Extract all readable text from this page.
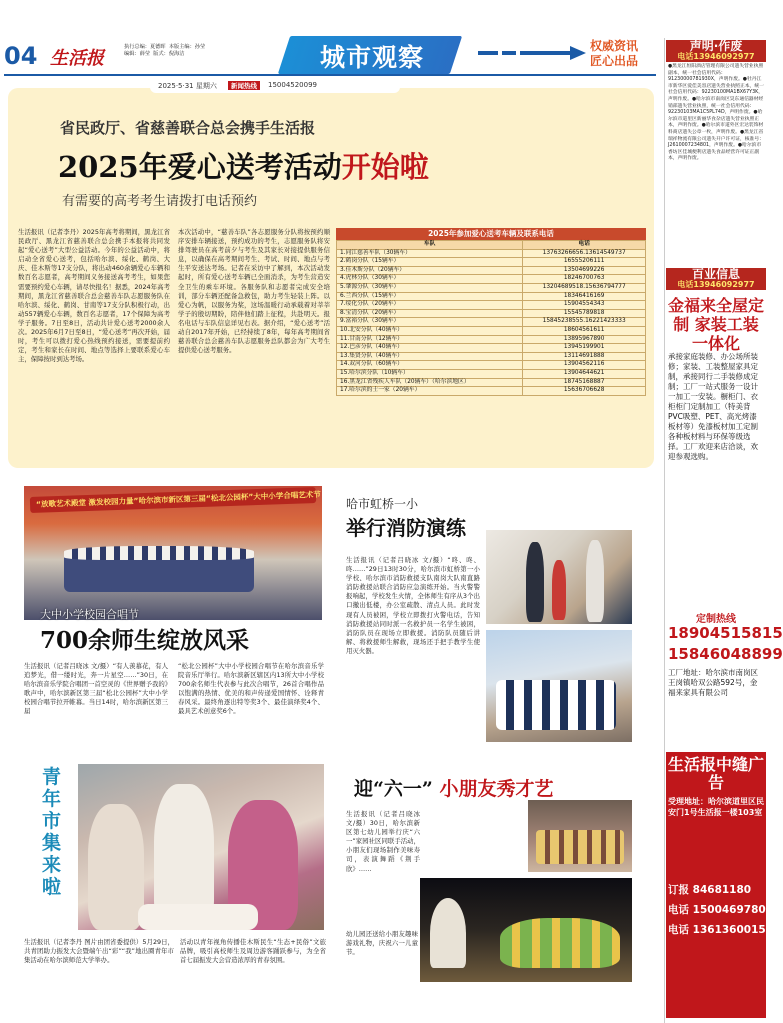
04 生活报
执行总编：夏德晖 本版主编：孙莹
编辑：薛莹 版式：倪海洁	城市观察	权威资讯
匠心出品
2025·5·31 星期六	新闻热线	15004520099
省民政厅、省慈善联合总会携手生活报
2025年爱心送考活动开始啦
有需要的高考考生请拨打电话预约
生活报讯（记者李丹）2025年高考将期间，黑龙江省民政厅、黑龙江省慈善联合总会携手本报将共同发起“爱心送考”大型公益活动。今年的公益活动中，将启动全省爱心送考，包括哈尔滨、绥化、鹤岗、大庆、佳木斯等17支分队，将出动460余辆爱心车辆和数百名志愿者，高考期间义务接送高考考生，如果您需要预约爱心车辆，请尽快报名！据悉，2024年高考期间，黑龙江省慈善联合总会慈善车队志愿服务队在哈尔滨、绥化、鹤岗、甘南等17支分队积极行动，出动557辆爱心车辆，数百名志愿者，17个保障为高考学子服务。7日至8日，活动共计爱心送考2000余人次。2025年6月7日至8日，“爱心送考”再次开始，届时，考生可以拨打爱心热线预约接送，需要提前约定，考生和家长在时间、地点等选择上要联系爱心车主，保障按时到达考场。
本次活动中，“慈善车队”各志愿服务分队将按预约顺序安排车辆接送，预约成功的考生，志愿服务队将安排驾驶员在高考前夕与考生及其家长对接提供服务信息，以确保在高考期间考生、考试、时间、地点与考生平安送达考场。记者在采访中了解到，本次活动发起时，所有爱心送考车辆已全面消杀，为考生营造安全卫生的乘车环境。各服务队和志愿者完成安全培训，部分车辆还配备急救包，助力考生轻装上阵。以爱心为帆，以服务为桨，这场温暖行动承载着对莘莘学子的殷切期盼，陪伴他们踏上征程，共赴明天。报名电话与车队信息详见右表。据介绍，“爱心送考”活动自2017年开始，已经持续了8年，每年高考期间省慈善联合总会慈善车队志愿服务总队都会为广大考生提供爱心送考服务。
2025年参加爱心送考车辆及联系电话
车队	电话
1.同江慈善车队（30辆车）	13763266656.13614549737
2.鹤岗分队（15辆车）	16555206111
3.佳木斯分队（20辆车）	13504699226
4.虎林分队（30辆车）	18246700763
5.肇源分队（30辆车）	13204689518.15636794777
6.兰西分队（15辆车）	18346416169
7.绥化分队（20辆车）	15904554343
8.宝清分队（20辆车）	15545789818
9.富裕分队（30辆车）	15845238555.16221423333
10.北安分队（40辆车）	18604561611
11.甘南分队（12辆车）	13895967890
12.巴彦分队（40辆车）	13945199901
13.集贤分队（40辆车）	13114691888
14.双河分队（60辆车）	13904562116
15.哈尔滨分队（10辆车）	13904644621
16.黑龙江省残疾人车队（20辆车）（哈尔滨地区）	18745168887
17.哈尔滨的士一家（20辆车）	15636706628
“放歌艺术殿堂 激发校园力量”哈尔滨市新区第三届“松北公园杯”大中小学合唱艺术节
大中小学校园合唱节
700余师生绽放风采
生活报讯（记者吕晓冰 文/摄）“有人羡慕花，有人追梦光，借一缕时光，奔一片星空……”30日，在哈尔滨音乐学院合唱团一首空灵的《世界赠予我的》歌声中，哈尔滨新区第三届“松北公园杯”大中小学校园合唱节拉开帷幕。当日14时，哈尔滨新区第三届
“松北公园杯”大中小学校园合唱节在哈尔滨音乐学院音乐厅举行。哈尔滨新区辖区内13所大中小学校700余名师生代表参与此次合唱节，26首合唱作品以饱满的热情、优美的和声传递爱国情怀、诠释青春风采。最终角逐出特等奖3个、最佳演绎奖4个、最具艺术创意奖6个。
青年市集来啦
生活报讯（记者李丹 图片由团省委提供）5月29日，共青团助力振发大会暨端午出“彩”“我”地出圈青年市集活动在哈尔滨师范大学举办。
活动以青年视角传播佳木斯民生“生态+民俗”文旅品牌，吸引高校师生及周边游客踊跃参与，为全省首七届振发大会营造浓厚的青春氛围。
哈市虹桥一小
举行消防演练
生活报讯（记者吕晓冰 文/摄）“咚、咚、咚……”29日13时30分，哈尔滨市虹桥第一小学校、哈尔滨市消防救援支队南岗大队南直路消防救援站联合消防应急演练开始。当火警警报响起，学校发生火情，全体师生有序从3个出口撤出低楼，办公室疏散、清点人员。此时发现有人员被困，学校立即拨打火警电话，告知消防救援站同时派一名救护员一名学生被困，消防队员在现场立即救援。消防队员随后讲解、将救援师生解救，现场还手把手教学生使用灭火器。
迎“六一” 小朋友秀才艺
生活报讯（记者吕晓冰 文/摄）30日，哈尔滨新区第七幼儿园举行庆“六一”家园社区同联手活动，小朋友们现场制作美味寿司，表演舞蹈《荆手欣》……
幼儿园还送给小朋友趣味游戏礼物，庆祝六一儿童节。
声明·作废
电话13946092977
●黑龙江恒阳酒店管理有限公司遗失营业执照副本，统一社会信用代码：91230000781930X，声明作废。●牡丹江市新华区爱佳美容店遗失营业执照正本，统一社会信用代码：92230100MA1BX67Y3K，声明作废。●哈尔滨市南岗区昊东通信器材经销部遗失营业执照，统一社会信用代码：92230103MA1C5PL74D，声明作废。●哈尔滨市道里区新丽华食杂店遗失营业执照正本，声明作废。●哈尔滨市道外区宏达装饰材料商店遗失公章一枚，声明作废。●黑龙江省瑞祥物流有限公司遗失开户许可证，核准号：J2610007234801，声明作废。●哈尔滨市香坊区佳城便利店遗失食品经营许可证正副本，声明作废。
百业信息
电话13946092977
金福来全屋定制 家装工装一体化
承接家庭装修、办公场所装修；家装、工装整屋家具定制，承接同行二手装修成定制；工厂一站式服务一设计一加工一安装。橱柜门、衣柜柜门定制加工（特美背PVC吸塑、PET、高光烤漆板材等）免漆板材加工定制各种板材料与环保等级选择。工厂欢迎来店洽谈，欢迎参观选购。
定制热线
18904515815
15846048899
工厂地址：哈尔滨市南岗区王岗镇哈双公路592号，金福来家具有限公司
生活报中缝广告
受理地址：哈尔滨道里区民安门1号生活报一楼103室
订报 84681180
电话 15004697804
电话 13613600156
